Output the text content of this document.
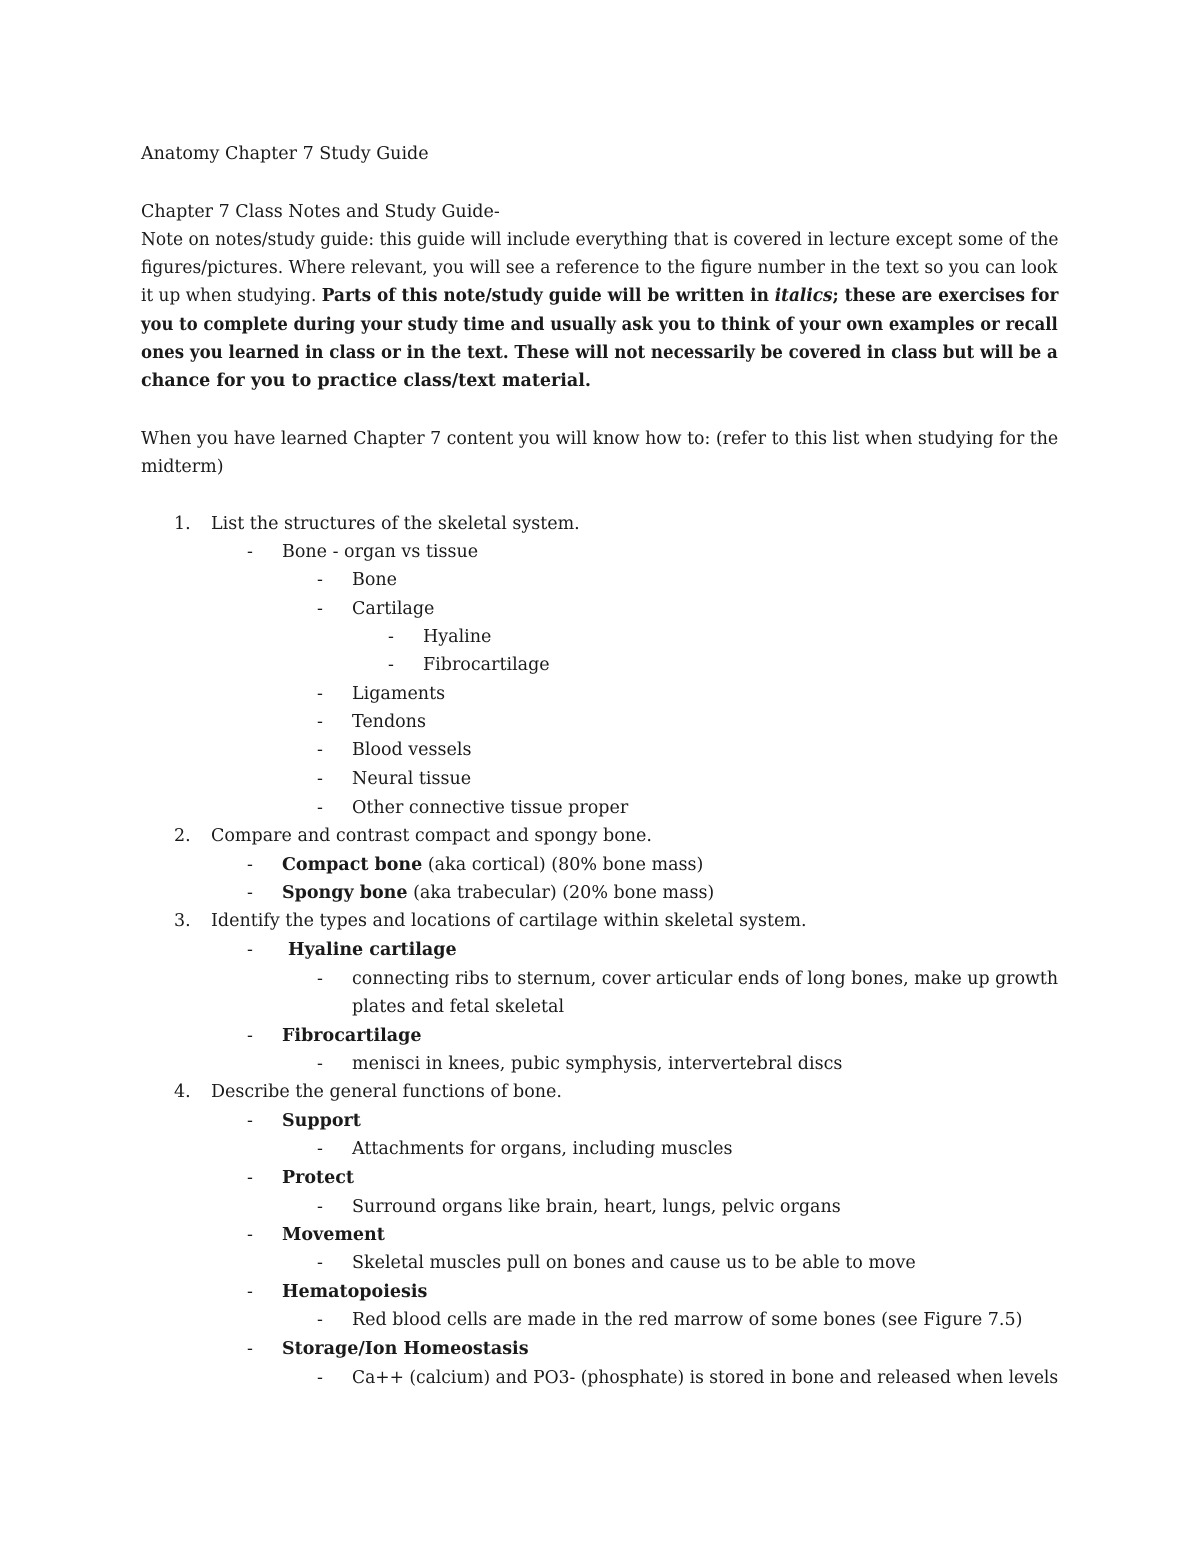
Anatomy Chapter 7 Study Guide
Chapter 7 Class Notes and Study Guide-
Note on notes/study guide: this guide will include everything that is covered in lecture except some of the
figures/pictures. Where relevant, you will see a reference to the figure number in the text so you can look
it up when studying. Parts of this note/study guide will be written in italics; these are exercises for
you to complete during your study time and usually ask you to think of your own examples or recall
ones you learned in class or in the text. These will not necessarily be covered in class but will be a
chance for you to practice class/text material.
When you have learned Chapter 7 content you will know how to: (refer to this list when studying for the
midterm)
1. List the structures of the skeletal system.
- Bone - organ vs tissue
- Bone
- Cartilage
- Hyaline
- Fibrocartilage
- Ligaments
- Tendons
- Blood vessels
- Neural tissue
- Other connective tissue proper
2. Compare and contrast compact and spongy bone.
- Compact bone (aka cortical) (80% bone mass)
- Spongy bone (aka trabecular) (20% bone mass)
3. Identify the types and locations of cartilage within skeletal system.
- Hyaline cartilage
- connecting ribs to sternum, cover articular ends of long bones, make up growth
plates and fetal skeletal
- Fibrocartilage
- menisci in knees, pubic symphysis, intervertebral discs
4. Describe the general functions of bone.
- Support
- Attachments for organs, including muscles
- Protect
- Surround organs like brain, heart, lungs, pelvic organs
- Movement
- Skeletal muscles pull on bones and cause us to be able to move
- Hematopoiesis
- Red blood cells are made in the red marrow of some bones (see Figure 7.5)
- Storage/Ion Homeostasis
- Ca++ (calcium) and PO3- (phosphate) is stored in bone and released when levels
